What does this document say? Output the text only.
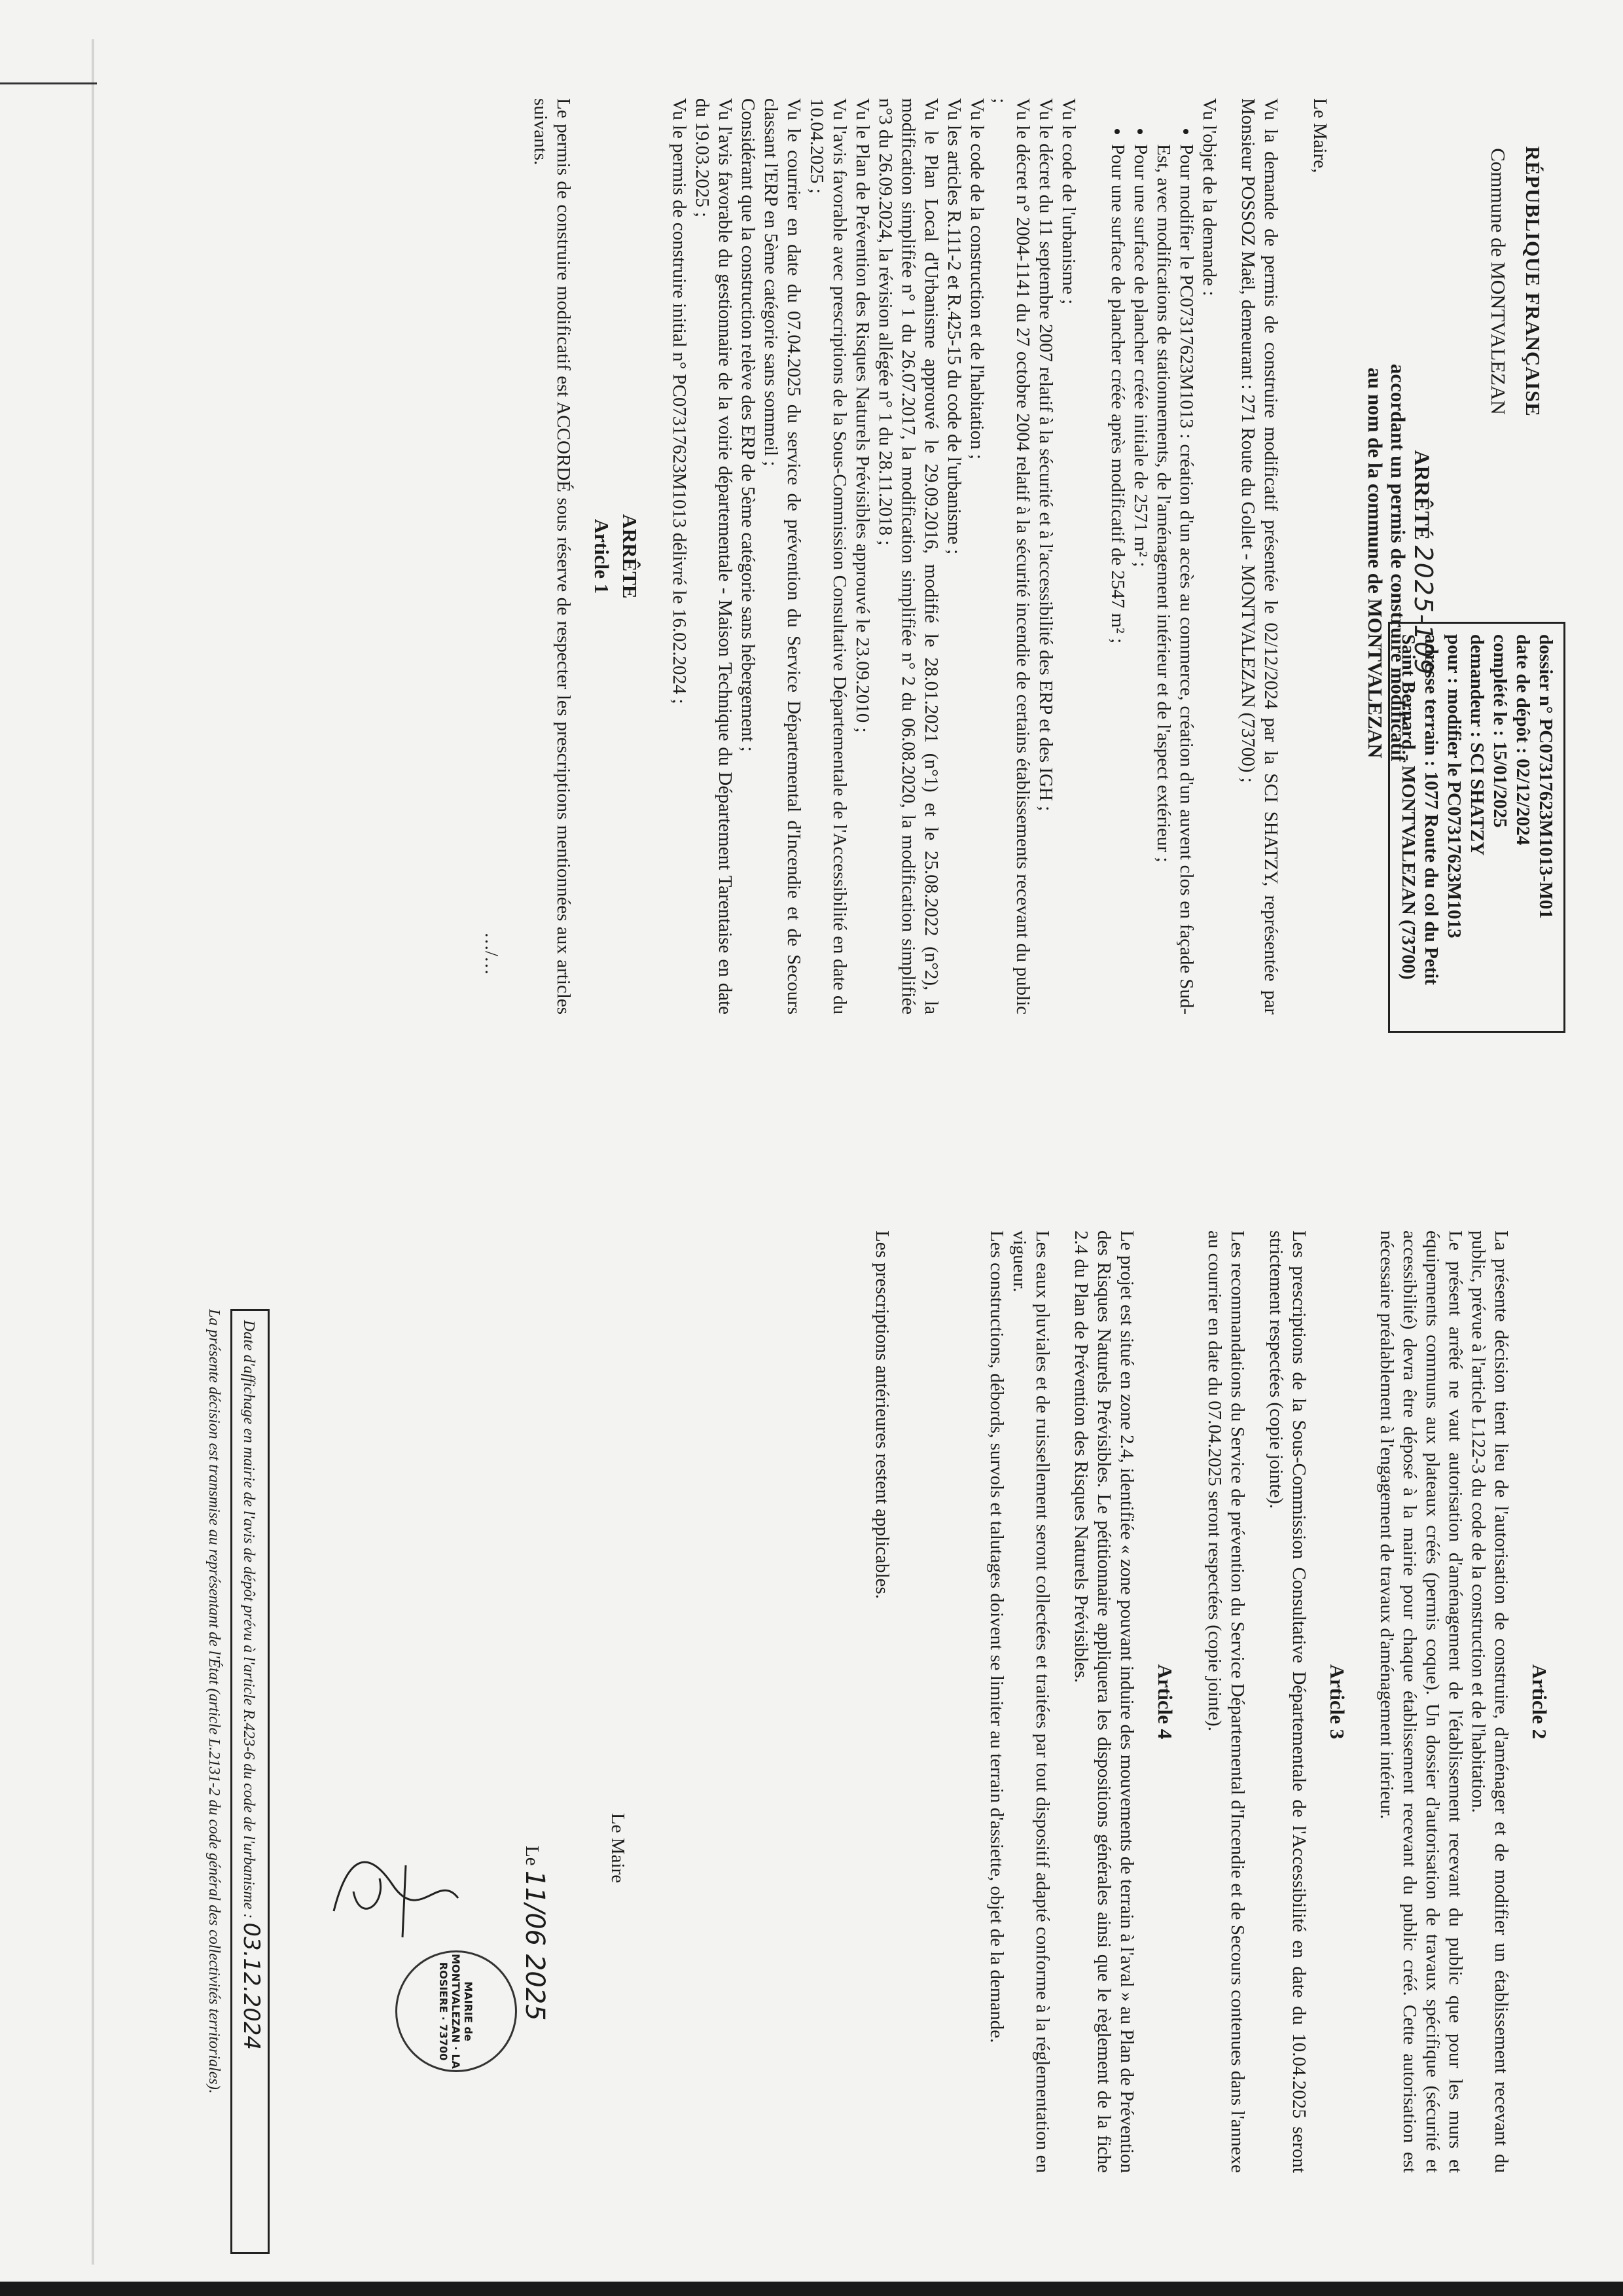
RÉPUBLIQUE FRANÇAISE
Commune de MONTVALEZAN
ARRÊTÉ 2025-109
accordant un permis de construire modificatif
au nom de la commune de MONTVALEZAN

Le Maire,

Vu la demande de permis de construire modificatif présentée le 02/12/2024 par la SCI SHATZY, représentée par Monsieur POSSOZ Maël, demeurant : 271 Route du Gollet - MONTVALEZAN (73700) ;

Vu l'objet de la demande :

• Pour modifier le PC07317623M1013 : création d'un accès au commerce, création d'un auvent clos en façade Sud-Est, avec modifications de stationnements, de l'aménagement intérieur et de l'aspect extérieur ;
• Pour une surface de plancher créée initiale de 2571 m² ;
• Pour une surface de plancher créée après modificatif de 2547 m² ;

Vu le code de l'urbanisme ;

Vu le décret du 11 septembre 2007 relatif à la sécurité et à l'accessibilité des ERP et des IGH ;

Vu le décret n° 2004-1141 du 27 octobre 2004 relatif à la sécurité incendie de certains établissements recevant du public ;

Vu le code de la construction et de l'habitation ;

Vu les articles R.111-2 et R.425-15 du code de l'urbanisme ;

Vu le Plan Local d'Urbanisme approuvé le 29.09.2016, modifié le 28.01.2021 (n°1) et le 25.08.2022 (n°2), la modification simplifiée n° 1 du 26.07.2017, la modification simplifiée n° 2 du 06.08.2020, la modification simplifiée n°3 du 26.09.2024, la révision allégée n° 1 du 28.11.2018 ;

Vu le Plan de Prévention des Risques Naturels Prévisibles approuvé le 23.09.2010 ;

Vu l'avis favorable avec prescriptions de la Sous-Commission Consultative Départementale de l'Accessibilité en date du 10.04.2025 ;

Vu le courrier en date du 07.04.2025 du service de prévention du Service Départemental d'Incendie et de Secours classant l'ERP en 5ème catégorie sans sommeil ;

Considérant que la construction relève des ERP de 5ème catégorie sans hébergement ;

Vu l'avis favorable du gestionnaire de la voirie départementale - Maison Technique du Département Tarentaise en date du 19.03.2025 ;

Vu le permis de construire initial n° PC07317623M1013 délivré le 16.02.2024 ;

ARRÊTE
Article 1

Le permis de construire modificatif est ACCORDÉ sous réserve de respecter les prescriptions mentionnées aux articles suivants.

…/…
dossier n° PC07317623M1013-M01
date de dépôt : 02/12/2024
complété le : 15/01/2025
demandeur : SCI SHATZY
pour : modifier le PC07317623M1013
adresse terrain : 1077 Route du col du Petit
Saint Bernard - MONTVALEZAN (73700)
Article 2

La présente décision tient lieu de l'autorisation de construire, d'aménager et de modifier un établissement recevant du public, prévue à l'article L122-3 du code de la construction et de l'habitation.

Le présent arrêté ne vaut autorisation d'aménagement de l'établissement recevant du public que pour les murs et équipements communs aux plateaux créés (permis coque). Un dossier d'autorisation de travaux spécifique (sécurité et accessibilité) devra être déposé à la mairie pour chaque établissement recevant du public créé. Cette autorisation est nécessaire préalablement à l'engagement de travaux d'aménagement intérieur.

Article 3

Les prescriptions de la Sous-Commission Consultative Départementale de l'Accessibilité en date du 10.04.2025 seront strictement respectées (copie jointe).

Les recommandations du Service de prévention du Service Départemental d'Incendie et de Secours contenues dans l'annexe au courrier en date du 07.04.2025 seront respectées (copie jointe).

Article 4

Le projet est situé en zone 2.4, identifiée « zone pouvant induire des mouvements de terrain à l'aval » au Plan de Prévention des Risques Naturels Prévisibles. Le pétitionnaire appliquera les dispositions générales ainsi que le règlement de la fiche 2.4 du Plan de Prévention des Risques Naturels Prévisibles.

Les eaux pluviales et de ruissellement seront collectées et traitées par tout dispositif adapté conforme à la réglementation en vigueur.

Les constructions, débords, survols et talutages doivent se limiter au terrain d'assiette, objet de la demande.

Les prescriptions antérieures restent applicables.

Le Maire
Le 11/06 2025
MAIRIE de MONTVALEZAN · LA ROSIERE · 73700
Date d'affichage en mairie de l'avis de dépôt prévu à l'article R.423-6 du code de l'urbanisme : 03.12.2024
La présente décision est transmise au représentant de l'État (article L.2131-2 du code général des collectivités territoriales).
